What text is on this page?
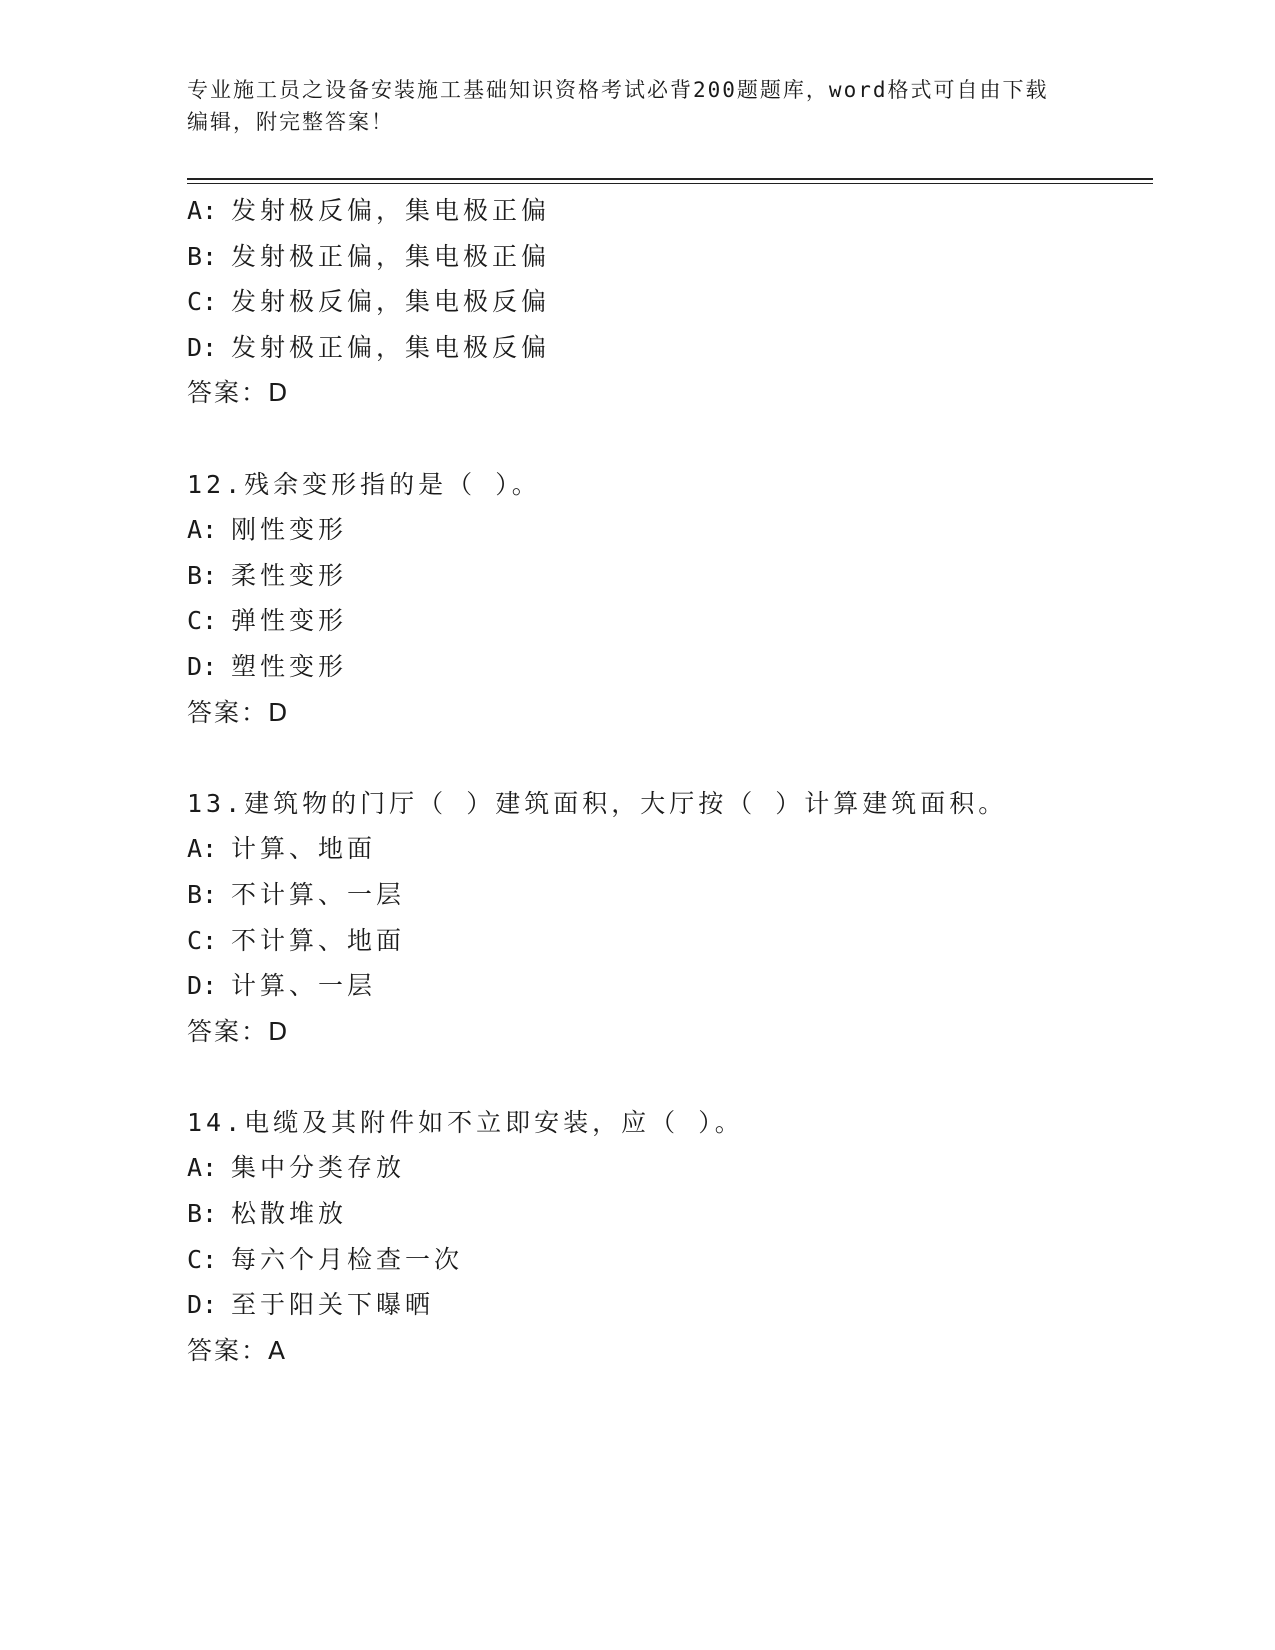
专业施工员之设备安装施工基础知识资格考试必背200题题库，word格式可自由下载编辑，附完整答案！
A: 发射极反偏，集电极正偏
B: 发射极正偏，集电极正偏
C: 发射极反偏，集电极反偏
D: 发射极正偏，集电极反偏
答案：D
12.残余变形指的是（ ）。
A: 刚性变形
B: 柔性变形
C: 弹性变形
D: 塑性变形
答案：D
13.建筑物的门厅（ ）建筑面积，大厅按（ ）计算建筑面积。
A: 计算、地面
B: 不计算、一层
C: 不计算、地面
D: 计算、一层
答案：D
14.电缆及其附件如不立即安装，应（ ）。
A: 集中分类存放
B: 松散堆放
C: 每六个月检查一次
D: 至于阳关下曝晒
答案：A
